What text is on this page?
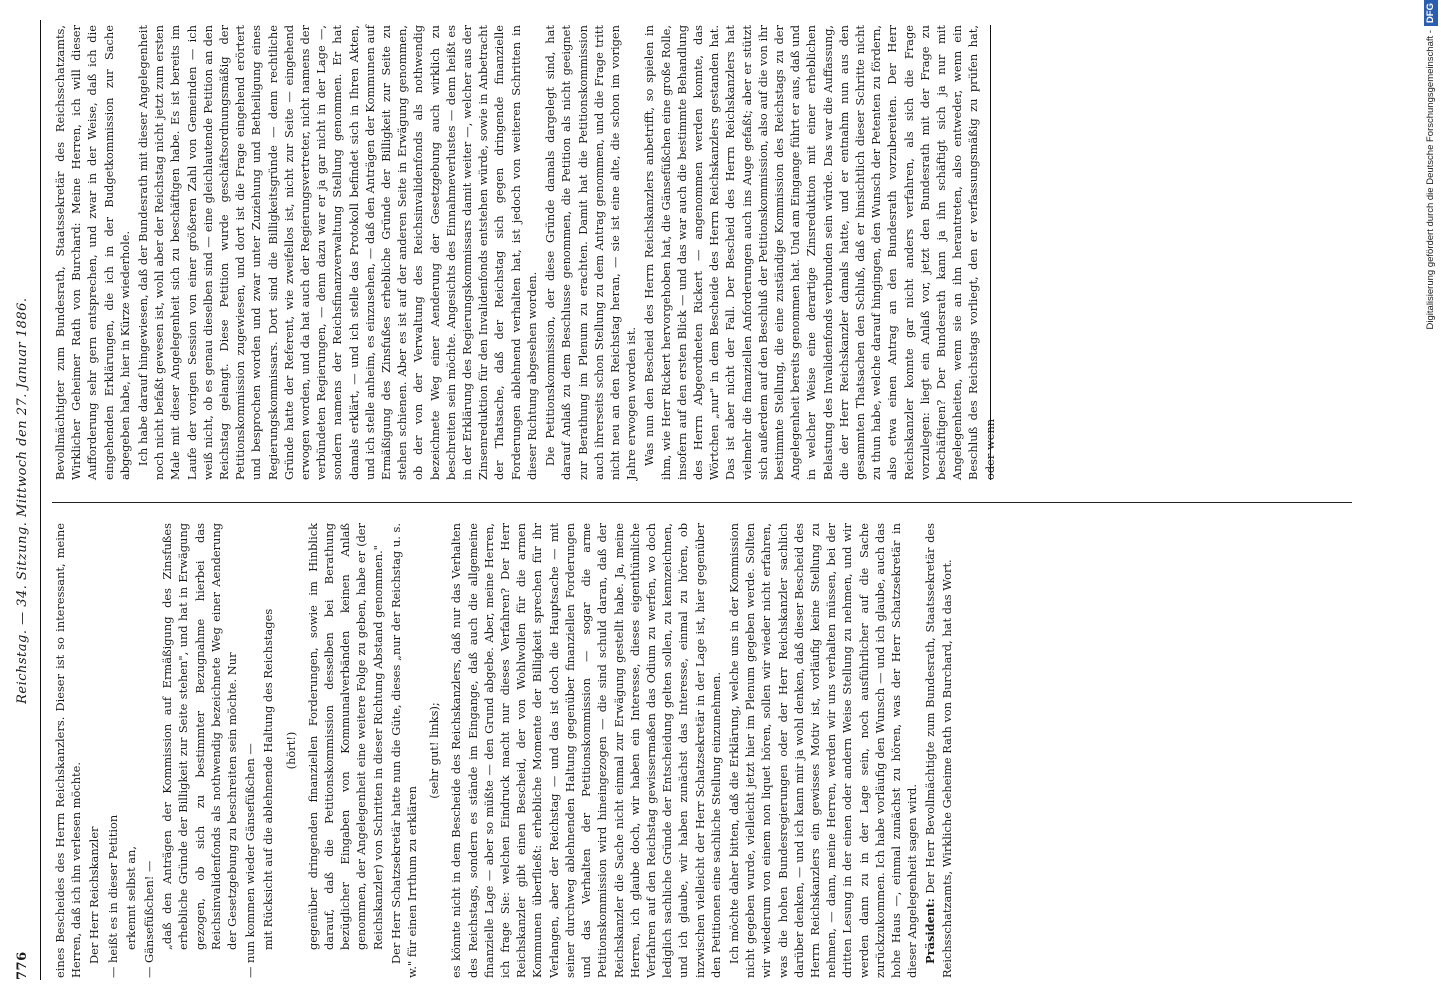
776
Reichstag. — 34. Sitzung. Mittwoch den 27. Januar 1886.

eines Bescheides des Herrn Reichskanzlers. Dieser ist so interessant, meine Herren, daß ich ihn verlesen möchte. Der Herr Reichskanzler — heißt es in dieser Petition erkennt selbst an, — Gänsefüßchen! — „daß den Anträgen der Kommission auf Ermäßigung des Zinsfußes erhebliche Gründe der Billigkeit zur Seite stehen", und hat in Erwägung gezogen, ob sich zu bestimmter Bezugnahme hierbei das Reichsinvalidenfonds als nothwendig bezeichnete Weg einer Aenderung der Gesetzgebung zu beschreiten sein möchte. Nur — nun kommen wieder Gänsefüßchen — mit Rücksicht auf die ablehnende Haltung des Reichstages (hört!) gegenüber dringenden finanziellen Forderungen, sowie im Hinblick darauf, daß die Petitionskommission desselben bei Berathung bezüglicher Eingaben von Kommunalverbänden keinen Anlaß genommen, der Angelegenheit eine weitere Folge zu geben, habe er (der Reichskanzler) von Schritten in dieser Richtung Abstand genommen." Der Herr Schatzsekretär hatte nun die Güte, dieses „nur der Reichstag u. s. w." für einen Irrthum zu erklären

(sehr gut! links); es könnte nicht in dem Bescheide des Reichskanzlers, daß nur das Verhalten des Reichstags, sondern es stände im Eingange, daß auch die allgemeine finanzielle Lage — aber so müßte — den Grund abgebe. Aber, meine Herren, ich frage Sie: welchen Eindruck macht nur dieses Verfahren? Der Herr Reichskanzler gibt einen Bescheid, der von Wohlwollen für die armen Kommunen überfließt: erhebliche Momente der Billigkeit sprechen für ihr Verlangen, aber der Reichstag — und das ist doch die Hauptsache — mit seiner durchweg ablehnenden Haltung gegenüber finanziellen Forderungen und das Verhalten der Petitionskommission — sogar die arme Petitionskommission wird hineingezogen — die sind schuld daran, daß der Reichskanzler die Sache nicht einmal zur Erwägung gestellt habe. Ja, meine Herren, ich glaube doch, wir haben ein Interesse, dieses eigenthümliche Verfahren auf den Reichstag gewissermaßen das Odium zu werfen, wo doch lediglich sachliche Gründe der Entscheidung gelten sollen, zu kennzeichnen, und ich glaube, wir haben zunächst das Interesse, einmal zu hören, ob inzwischen vielleicht der Herr Schatzsekretär in der Lage ist, hier gegenüber den Petitionen eine sachliche Stellung einzunehmen. Ich möchte daher bitten, daß die Erklärung, welche uns in der Kommission nicht gegeben wurde, vielleicht jetzt hier im Plenum gegeben werde. Sollten wir wiederum von einem non liquet hören, sollen wir wieder nicht erfahren, was die hohen Bundesregierungen oder der Herr Reichskanzler sachlich darüber denken, — und ich kann mir ja wohl denken, daß dieser Bescheid des Herrn Reichskanzlers ein gewisses Motiv ist, vorläufig keine Stellung zu nehmen, — dann, meine Herren, werden wir uns verhalten müssen, bei der dritten Lesung in der einen oder andern Weise Stellung zu nehmen, und wir werden dann zu in der Lage sein, noch ausführlicher auf die Sache zurückzukommen. Ich habe vorläufig den Wunsch — und ich glaube, auch das hohe Haus —, einmal zunächst zu hören, was der Herr Schatzsekretär in dieser Angelegenheit sagen wird. Präsident: Der Herr Bevollmächtigte zum Bundesrath, Staatssekretär des Reichsschatzamts, Wirkliche Geheime Rath von Burchard, hat das Wort.

Bevollmächtigter zum Bundesrath, Staatssekretär des Reichsschatzamts, Wirklicher Geheimer Rath von Burchard: Meine Herren, ich will dieser Aufforderung sehr gern entsprechen, und zwar in der Weise, daß ich die eingehenden Erklärungen, die ich in der Budgetkommission zur Sache abgegeben habe, hier in Kürze wiederhole. Ich habe darauf hingewiesen, daß der Bundesrath mit dieser Angelegenheit noch nicht befaßt gewesen ist, wohl aber der Reichstag nicht jetzt zum ersten Male mit dieser Angelegenheit sich zu beschäftigen habe. Es ist bereits im Laufe der vorigen Session von einer größeren Zahl von Gemeinden — ich weiß nicht, ob es genau dieselben sind — eine gleichlautende Petition an den Reichstag gelangt. Diese Petition wurde geschäftsordnungsmäßig der Petitionskommission zugewiesen, und dort ist die Frage eingehend erörtert und besprochen worden und zwar unter Zuziehung und Betheiligung eines Regierungskommissars. Dort sind die Billigkeitsgründe — denn rechtliche Gründe hatte der Referent, wie zweifellos ist, nicht zur Seite — eingehend erwogen worden, und da hat auch der Regierungsvertreter, nicht namens der verbündeten Regierungen, — denn dazu war er ja gar nicht in der Lage —, sondern namens der Reichsfinanzverwaltung Stellung genommen. Er hat damals erklärt, — und ich stelle das Protokoll befindet sich in Ihren Akten, und ich stelle anheim, es einzusehen, — daß den Anträgen der Kommunen auf Ermäßigung des Zinsfußes erhebliche Gründe der Billigkeit zur Seite zu stehen schienen. Aber es ist auf der anderen Seite in Erwägung genommen, ob der von der Verwaltung des Reichsinvalidenfonds als nothwendig bezeichnete Weg einer Aenderung der Gesetzgebung auch wirklich zu beschreiten sein möchte. Angesichts des Einnahmeverlustes — denn heißt es in der Erklärung des Regierungskommissars damit weiter —, welcher aus der Zinsenreduktion für den Invalidenfonds entstehen würde, sowie in Anbetracht der Thatsache, daß der Reichstag sich gegen dringende finanzielle Forderungen ablehnend verhalten hat, ist jedoch von weiteren Schritten in dieser Richtung abgesehen worden. Die Petitionskommission, der diese Gründe damals dargelegt sind, hat darauf Anlaß zu dem Beschlusse genommen, die Petition als nicht geeignet zur Berathung im Plenum zu erachten. Damit hat die Petitionskommission auch ihrerseits schon Stellung zu dem Antrag genommen, und die Frage tritt nicht neu an den Reichstag heran, — sie ist eine alte, die schon im vorigen Jahre erwogen worden ist. Was nun den Bescheid des Herrn Reichskanzlers anbetrifft, so spielen in ihm, wie Herr Rickert hervorgehoben hat, die Gänsefüßchen eine große Rolle, insofern auf den ersten Blick — und das war auch die bestimmte Behandlung des Herrn Abgeordneten Rickert — angenommen werden konnte, das Wörtchen „nur" in dem Bescheide des Herrn Reichskanzlers gestanden hat. Das ist aber nicht der Fall. Der Bescheid des Herrn Reichskanzlers hat vielmehr die finanziellen Anforderungen auch ins Auge gefaßt; aber er stützt sich außerdem auf den Beschluß der Petitionskommission, also auf die von ihr bestimmte Stellung, die eine zuständige Kommission des Reichstags zu der Angelegenheit bereits genommen hat. Und am Eingange führt er aus, daß und in welcher Weise eine derartige Zinsreduktion mit einer erheblichen Belastung des Invalidenfonds verbunden sein würde. Das war die Auffassung, die der Herr Reichskanzler damals hatte, und er entnahm nun aus den gesammten Thatsachen den Schluß, daß er hinsichtlich dieser Schritte nicht zu thun habe, welche darauf hingingen, den Wunsch der Petenten zu fördern, also etwa einen Antrag an den Bundesrath vorzubereiten. Der Herr Reichskanzler konnte gar nicht anders verfahren, als sich die Frage vorzulegen: liegt ein Anlaß vor, jetzt den Bundesrath mit der Frage zu beschäftigen? Der Bundesrath kann ja ihn schäftigt sich ja nur mit Angelegenheiten, wenn sie an ihn herantreten, also entweder, wenn ein Beschluß des Reichstags vorliegt, den er verfassungsmäßig zu prüfen hat, oder wenn

Digitalisierung gefördert durch die Deutsche Forschungsgemeinschaft -DFG
